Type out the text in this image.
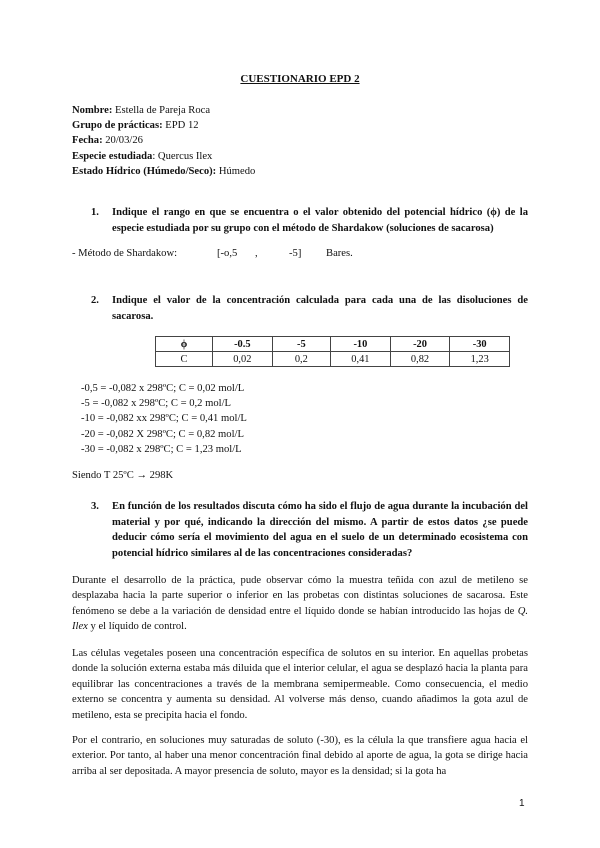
CUESTIONARIO EPD 2
Nombre: Estella de Pareja Roca
Grupo de prácticas: EPD 12
Fecha: 20/03/26
Especie estudiada: Quercus Ilex
Estado Hídrico (Húmedo/Seco): Húmedo
1.	Indique el rango en que se encuentra o el valor obtenido del potencial hídrico (ϕ) de la especie estudiada por su grupo con el método de Shardakow (soluciones de sacarosa)
- Método de Shardakow:	[-o,5 ,	-5] Bares.
2.	Indique el valor de la concentración calculada para cada una de las disoluciones de sacarosa.
ϕ	-0.5	-5	-10	-20	-30
C	0,02	0,2	0,41	0,82	1,23
-0,5 = -0,082 x 298ºC; C = 0,02 mol/L
-5 = -0,082 x 298ºC; C = 0,2 mol/L
-10 = -0,082 xx 298ºC; C = 0,41 mol/L
-20 = -0,082 X 298ºC; C = 0,82 mol/L
-30 = -0,082 x 298ºC; C = 1,23 mol/L
Siendo T 25ºC → 298K
3.	En función de los resultados discuta cómo ha sido el flujo de agua durante la incubación del material y por qué, indicando la dirección del mismo. A partir de estos datos ¿se puede deducir cómo sería el movimiento del agua en el suelo de un determinado ecosistema con potencial hídrico similares al de las concentraciones consideradas?
Durante el desarrollo de la práctica, pude observar cómo la muestra teñida con azul de metileno se desplazaba hacia la parte superior o inferior en las probetas con distintas soluciones de sacarosa. Este fenómeno se debe a la variación de densidad entre el líquido donde se habían introducido las hojas de Q. Ilex y el líquido de control.
Las células vegetales poseen una concentración específica de solutos en su interior. En aquellas probetas donde la solución externa estaba más diluida que el interior celular, el agua se desplazó hacia la planta para equilibrar las concentraciones a través de la membrana semipermeable. Como consecuencia, el medio externo se concentra y aumenta su densidad. Al volverse más denso, cuando añadimos la gota azul de metileno, esta se precipita hacia el fondo.
Por el contrario, en soluciones muy saturadas de soluto (-30), es la célula la que transfiere agua hacia el exterior. Por tanto, al haber una menor concentración final debido al aporte de agua, la gota se dirige hacia arriba al ser depositada. A mayor presencia de soluto, mayor es la densidad; si la gota ha
1
